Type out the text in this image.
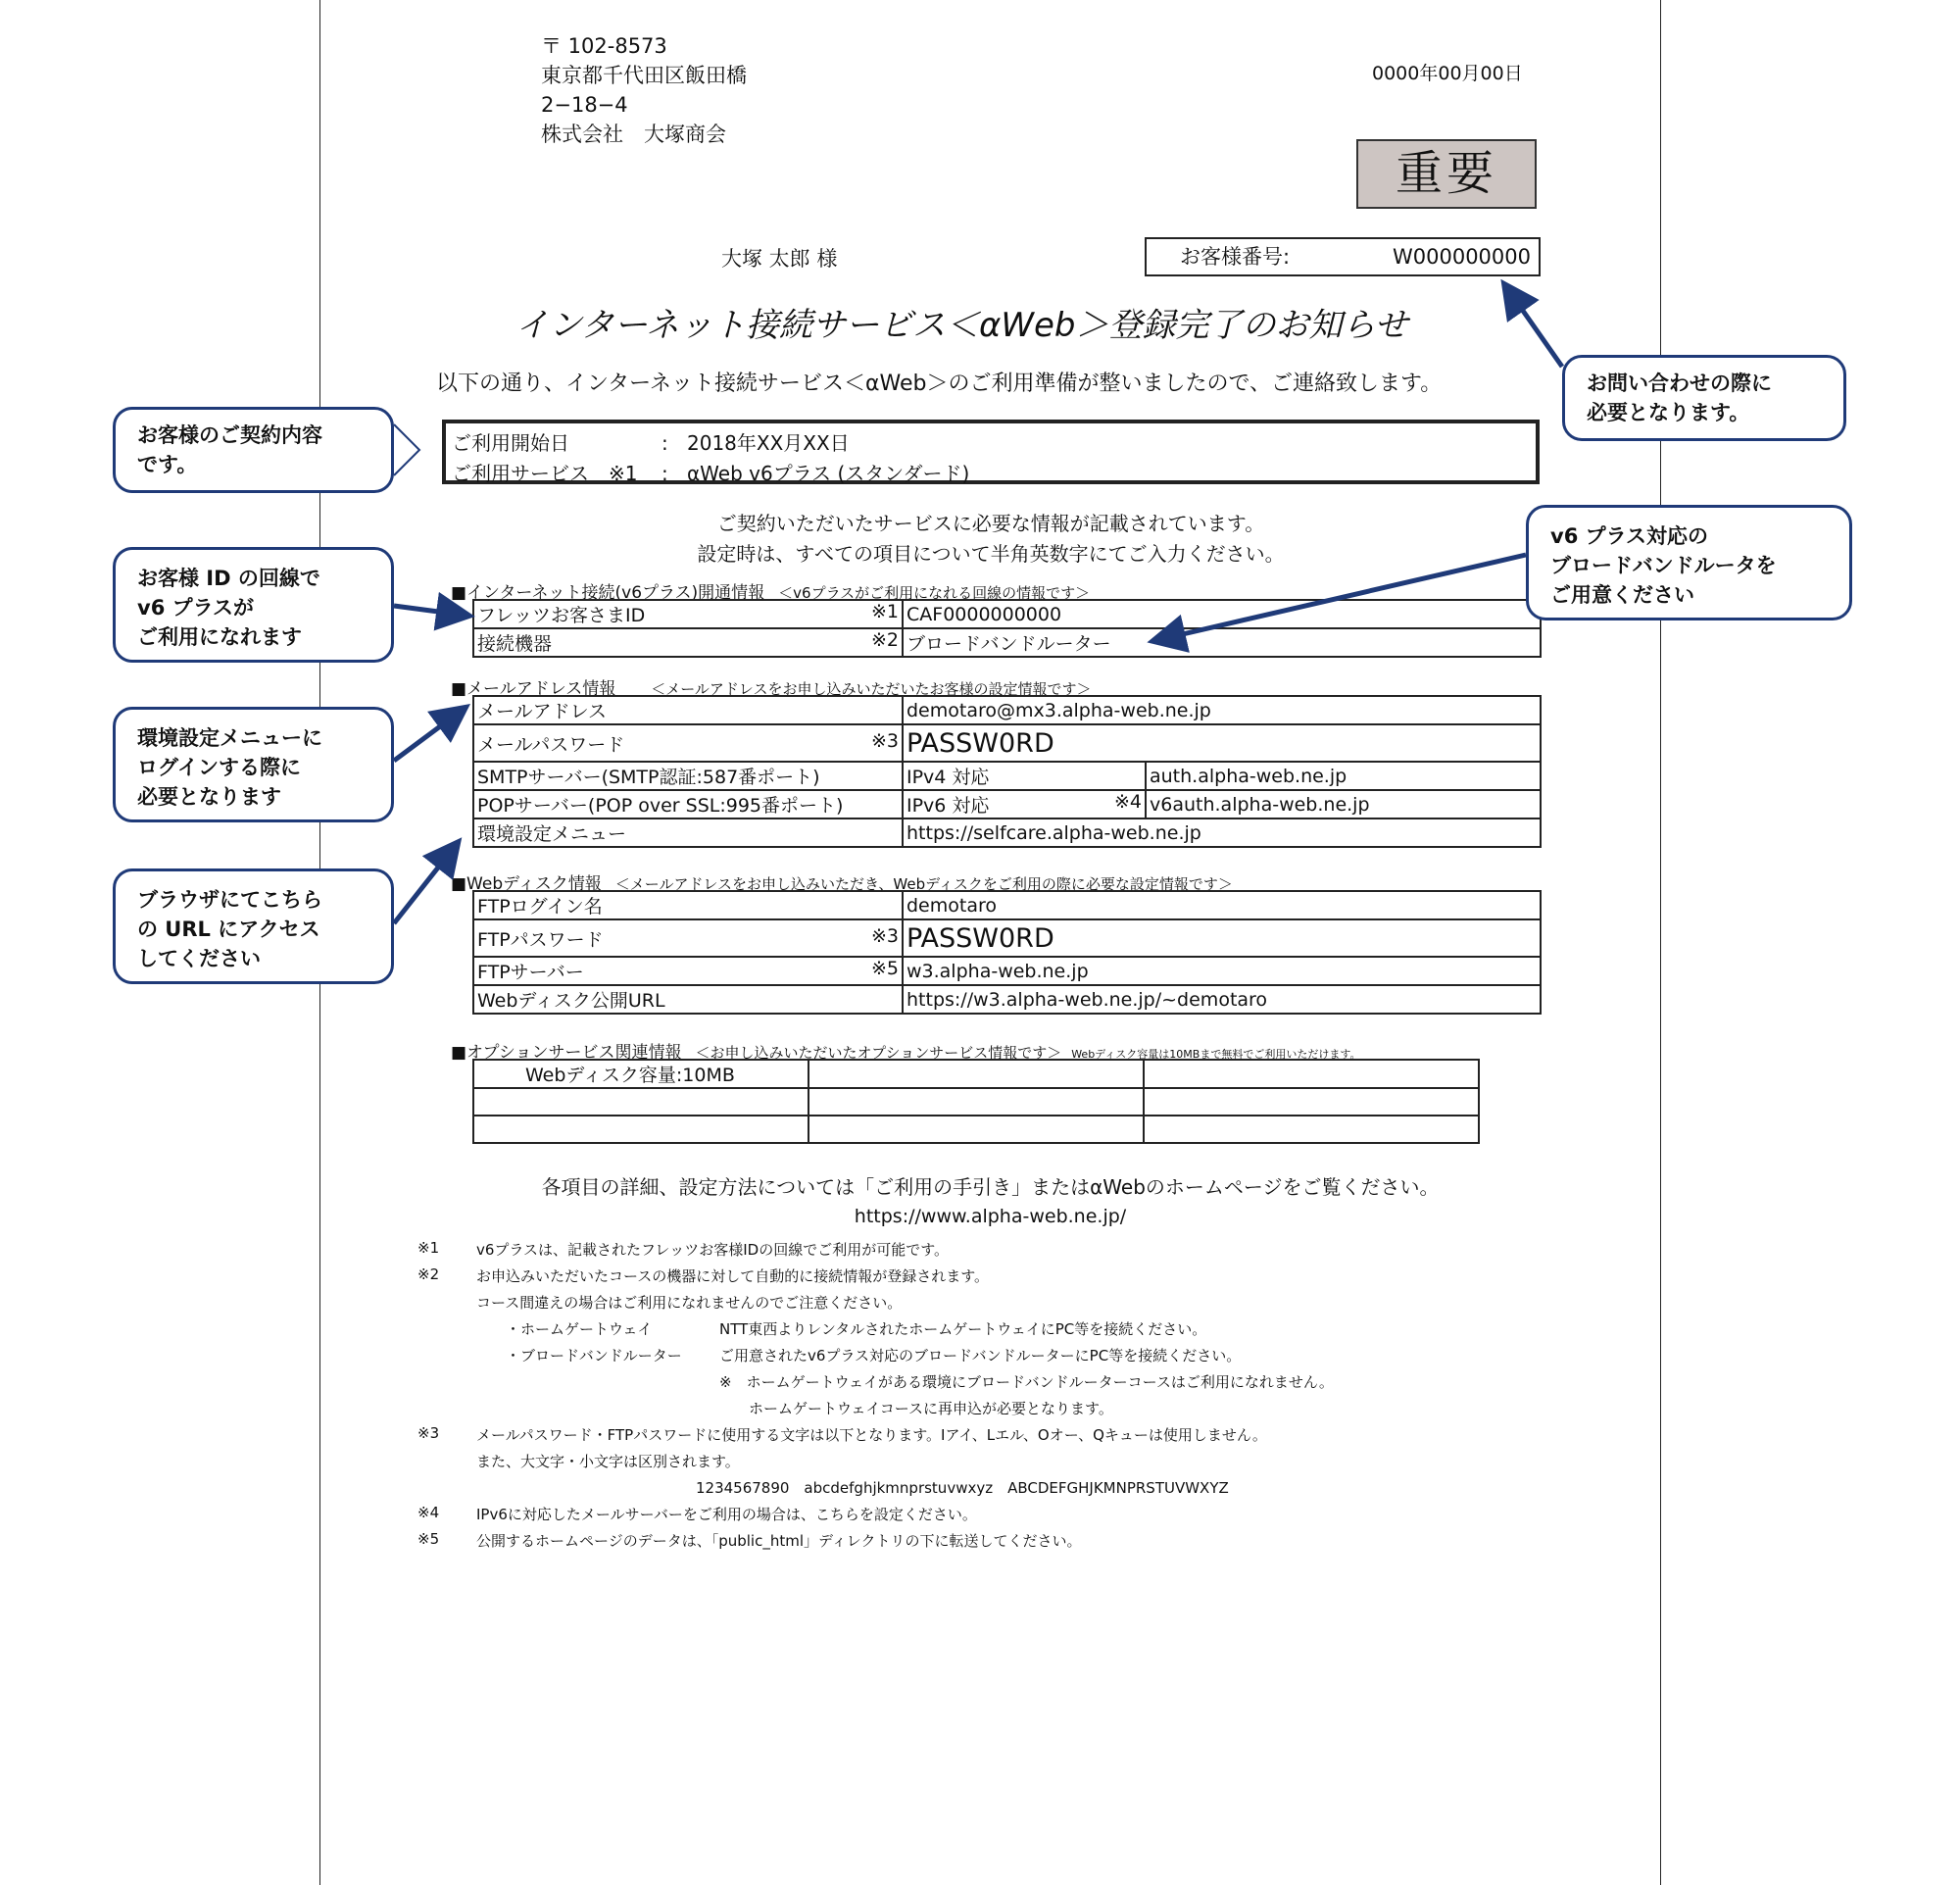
〒 102-8573
東京都千代田区飯田橋
2−18−4
株式会社　大塚商会
0000年00月00日
重要
大塚 太郎 様	お客様番号:	W000000000
インターネット接続サービス＜αWeb＞登録完了のお知らせ
以下の通り、インターネット接続サービス＜αWeb＞のご利用準備が整いましたので、ご連絡致します。
ご利用開始日	: 2018年XX月XX日
ご利用サービス ※1 : αWeb v6プラス (スタンダード)
ご契約いただいたサービスに必要な情報が記載されています。
設定時は、すべての項目について半角英数字にてご入力ください。
■インターネット接続(v6プラス)開通情報 ＜v6プラスがご利用になれる回線の情報です＞
フレッツお客さまID ※1	CAF0000000000
接続機器 ※2	ブロードバンドルーター
■メールアドレス情報 ＜メールアドレスをお申し込みいただいたお客様の設定情報です＞
メールアドレス	demotaro@mx3.alpha-web.ne.jp	
メールパスワード ※3	PASSW0RD	
SMTPサーバー(SMTP認証:587番ポート)	IPv4 対応	auth.alpha-web.ne.jp
POPサーバー(POP over SSL:995番ポート)	IPv6 対応 ※4	v6auth.alpha-web.ne.jp
環境設定メニュー	https://selfcare.alpha-web.ne.jp	
■Webディスク情報 ＜メールアドレスをお申し込みいただき、Webディスクをご利用の際に必要な設定情報です＞
FTPログイン名	demotaro
FTPパスワード ※3	PASSW0RD
FTPサーバー ※5	w3.alpha-web.ne.jp
Webディスク公開URL	https://w3.alpha-web.ne.jp/~demotaro
■オプションサービス関連情報 ＜お申し込みいただいたオプションサービス情報です＞ Webディスク容量は10MBまで無料でご利用いただけます。
Webディスク容量:10MB		

各項目の詳細、設定方法については「ご利用の手引き」またはαWebのホームページをご覧ください。
https://www.alpha-web.ne.jp/
※1	v6プラスは、記載されたフレッツお客様IDの回線でご利用が可能です。
※2	お申込みいただいたコースの機器に対して自動的に接続情報が登録されます。
コース間違えの場合はご利用になれませんのでご注意ください。
・ホームゲートウェイ	NTT東西よりレンタルされたホームゲートウェイにPC等を接続ください。
・ブロードバンドルーター	ご用意されたv6プラス対応のブロードバンドルーターにPC等を接続ください。
※　ホームゲートウェイがある環境にブロードバンドルーターコースはご利用になれません。
ホームゲートウェイコースに再申込が必要となります。
※3	メールパスワード・FTPパスワードに使用する文字は以下となります。Iアイ、Lエル、Oオー、Qキューは使用しません。
また、大文字・小文字は区別されます。
1234567890　abcdefghjkmnprstuvwxyz　ABCDEFGHJKMNPRSTUVWXYZ
※4	IPv6に対応したメールサーバーをご利用の場合は、こちらを設定ください。
※5	公開するホームページのデータは、「public_html」ディレクトリの下に転送してください。
お客様のご契約内容
です。
お客様 ID の回線で
v6 プラスが
ご利用になれます
環境設定メニューに
ログインする際に
必要となります
ブラウザにてこちら
の URL にアクセス
してください
お問い合わせの際に
必要となります。
v6 プラス対応の
ブロードバンドルータを
ご用意ください
